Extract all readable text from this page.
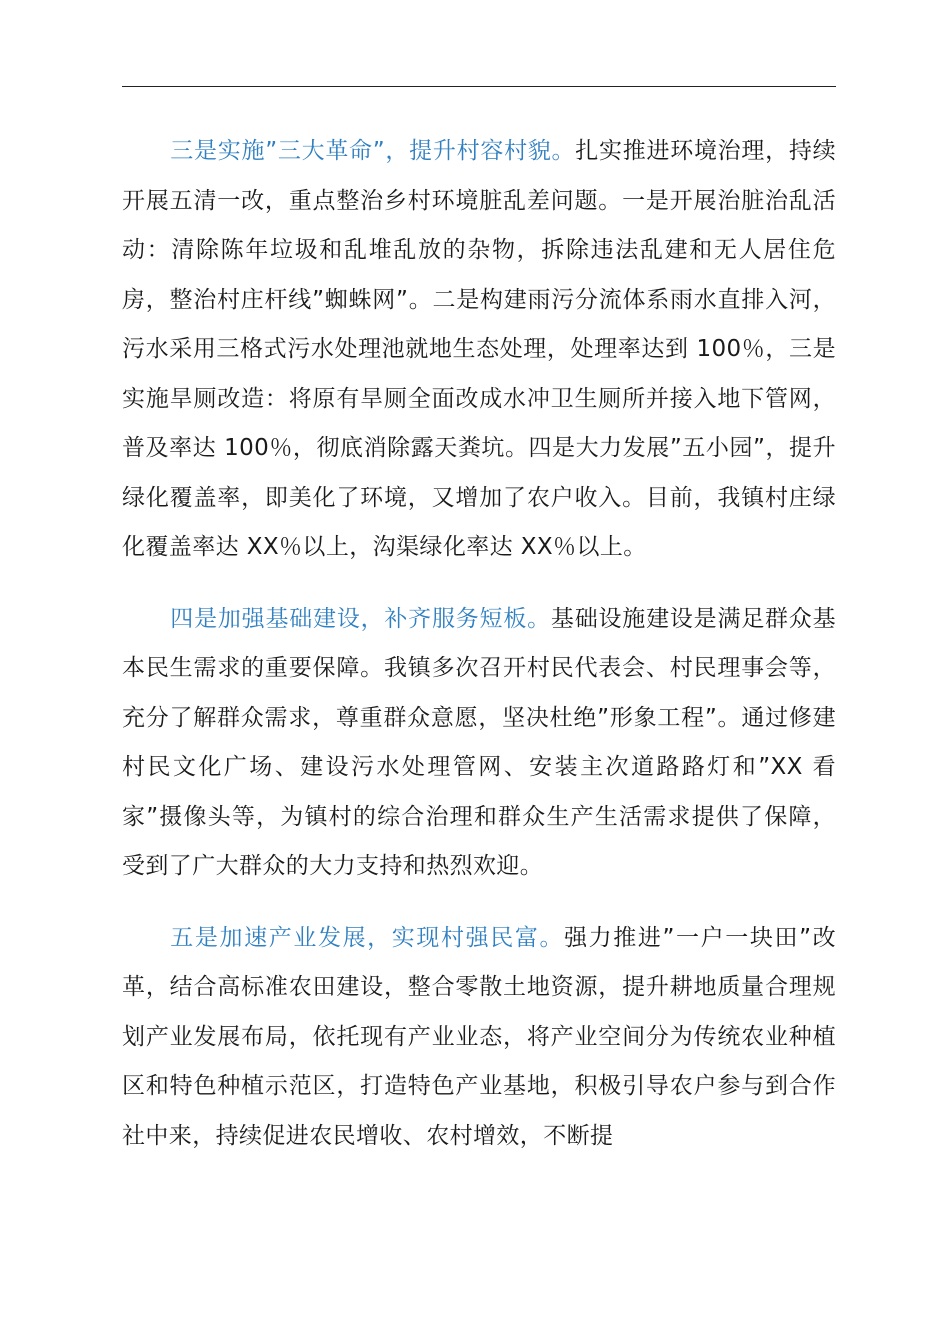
三是实施”三大革命”，提升村容村貌。扎实推进环境治理，持续开展五清一改，重点整治乡村环境脏乱差问题。一是开展治脏治乱活动：清除陈年垃圾和乱堆乱放的杂物，拆除违法乱建和无人居住危房，整治村庄杆线”蜘蛛网”。二是构建雨污分流体系雨水直排入河，污水采用三格式污水处理池就地生态处理，处理率达到 100％，三是实施旱厕改造：将原有旱厕全面改成水冲卫生厕所并接入地下管网，普及率达 100％，彻底消除露天粪坑。四是大力发展”五小园”，提升绿化覆盖率，即美化了环境，又增加了农户收入。目前，我镇村庄绿化覆盖率达 XX％以上，沟渠绿化率达 XX％以上。

四是加强基础建设，补齐服务短板。基础设施建设是满足群众基本民生需求的重要保障。我镇多次召开村民代表会、村民理事会等，充分了解群众需求，尊重群众意愿，坚决杜绝”形象工程”。通过修建村民文化广场、建设污水处理管网、安装主次道路路灯和”XX 看家”摄像头等，为镇村的综合治理和群众生产生活需求提供了保障，受到了广大群众的大力支持和热烈欢迎。

五是加速产业发展，实现村强民富。强力推进”一户一块田”改革，结合高标准农田建设，整合零散土地资源，提升耕地质量合理规划产业发展布局，依托现有产业业态，将产业空间分为传统农业种植区和特色种植示范区，打造特色产业基地，积极引导农户参与到合作社中来，持续促进农民增收、农村增效，不断提
